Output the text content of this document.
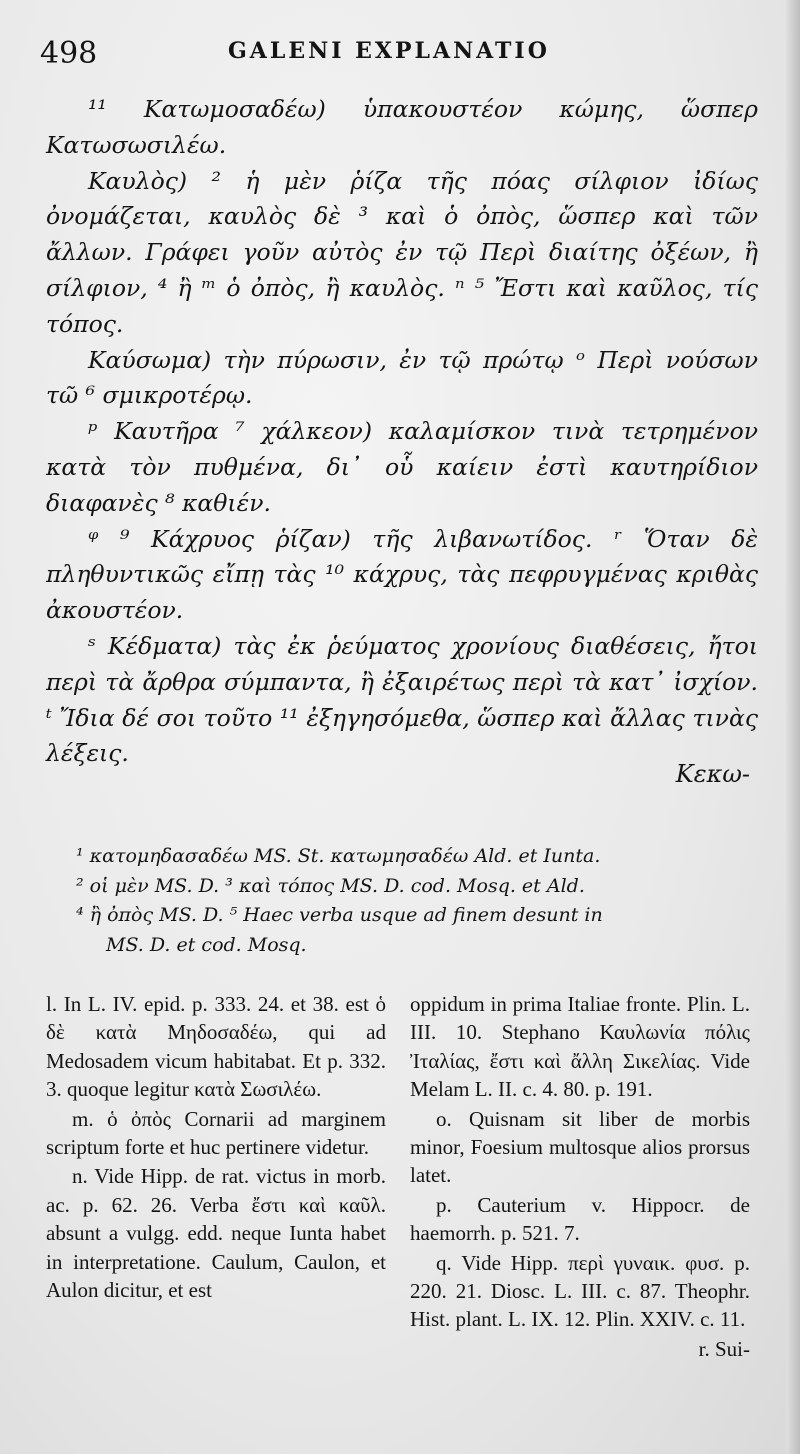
498	GALENI EXPLANATIO

¹¹ Κατωμοσαδέω) ὑπακουστέον κώμης, ὥσπερ Κατωσωσιλέω.

Καυλὸς) ² ἡ μὲν ῥίζα τῆς πόας σίλφιον ἰδίως ὀνομάζεται, καυλὸς δὲ ³ καὶ ὁ ὀπὸς, ὥσπερ καὶ τῶν ἄλλων. Γράφει γοῦν αὐτὸς ἐν τῷ Περὶ διαίτης ὀξέων, ἢ σίλφιον, ⁴ ἢ ᵐ ὁ ὀπὸς, ἢ καυλὸς. ⁿ ⁵ Ἔστι καὶ καῦλος, τίς τόπος.

Καύσωμα) τὴν πύρωσιν, ἐν τῷ πρώτῳ ᵒ Περὶ νούσων τῶ ⁶ σμικροτέρῳ.

ᵖ Καυτῆρα ⁷ χάλκεον) καλαμίσκον τινὰ τετρημένον κατὰ τὸν πυθμένα, δι᾽ οὗ καίειν ἐστὶ καυτηρίδιον διαφανὲς ⁸ καθιέν.

ᵠ ⁹ Κάχρυος ῥίζαν) τῆς λιβανωτίδος. ʳ Ὅταν δὲ πληθυντικῶς εἴπῃ τὰς ¹⁰ κάχρυς, τὰς πεφρυγμένας κριθὰς ἀκουστέον.

ˢ Κέδματα) τὰς ἐκ ῥεύματος χρονίους διαθέσεις, ἤτοι περὶ τὰ ἄρθρα σύμπαντα, ἢ ἐξαιρέτως περὶ τὰ κατ᾽ ἰσχίον. ᵗ Ἴδια δέ σοι τοῦτο ¹¹ ἐξηγησόμεθα, ὥσπερ καὶ ἄλλας τινὰς λέξεις.

Κεκω-
¹ κατομηδασαδέω MS. St. κατωμησαδέω Ald. et Iunta.
² οἱ μὲν MS. D. ³ καὶ τόπος MS. D. cod. Mosq. et Ald.
⁴ ἢ ὀπὸς MS. D. ⁵ Haec verba usque ad finem desunt in
MS. D. et cod. Mosq.

l. In L. IV. epid. p. 333. 24. et 38. est ὁ δὲ κατὰ Μηδοσαδέω, qui ad Medosadem vicum habitabat. Et p. 332. 3. quoque legitur κατὰ Σωσιλέω.

m. ὁ ὀπὸς Cornarii ad marginem scriptum forte et huc pertinere videtur.

n. Vide Hipp. de rat. victus in morb. ac. p. 62. 26. Verba ἔστι καὶ καῦλ. absunt a vulgg. edd. neque Iunta habet in interpretatione. Caulum, Caulon, et Aulon dicitur, et est

oppidum in prima Italiae fronte. Plin. L. III. 10. Stephano Καυλωνία πόλις Ἰταλίας, ἔστι καὶ ἄλλη Σικελίας. Vide Melam L. II. c. 4. 80. p. 191.

o. Quisnam sit liber de morbis minor, Foesium multosque alios prorsus latet.

p. Cauterium v. Hippocr. de haemorrh. p. 521. 7.

q. Vide Hipp. περὶ γυναικ. φυσ. p. 220. 21. Diosc. L. III. c. 87. Theophr. Hist. plant. L. IX. 12. Plin. XXIV. c. 11.

r. Sui-
